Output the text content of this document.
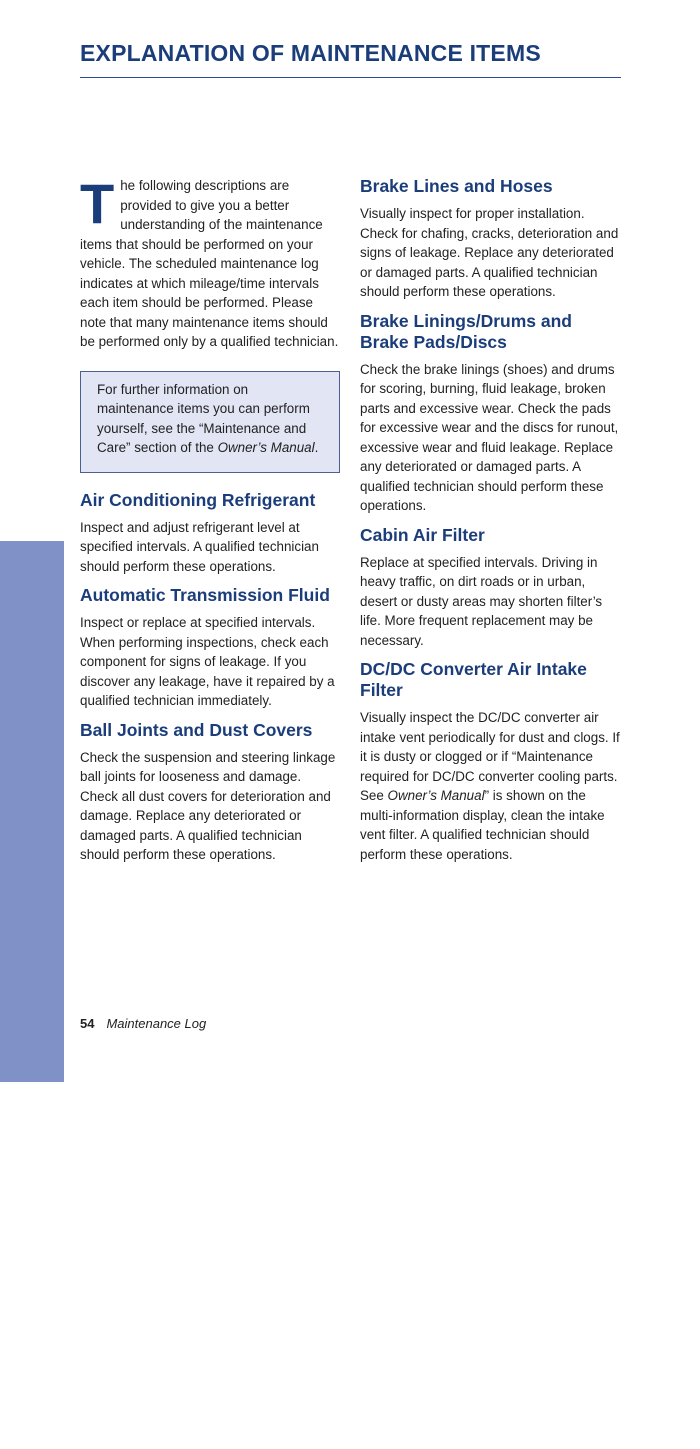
EXPLANATION OF MAINTENANCE ITEMS
MAINTENANCE

The following descriptions are provided to give you a better understanding of the maintenance items that should be performed on your vehicle. The scheduled maintenance log indicates at which mileage/time intervals each item should be performed. Please note that many maintenance items should be performed only by a qualified technician.

For further information on maintenance items you can perform yourself, see the “Maintenance and Care” section of the Owner’s Manual.

Air Conditioning Refrigerant

Inspect and adjust refrigerant level at specified intervals. A qualified technician should perform these operations.

Automatic Transmission Fluid

Inspect or replace at specified intervals. When performing inspections, check each component for signs of leakage. If you discover any leakage, have it repaired by a qualified technician immediately.

Ball Joints and Dust Covers

Check the suspension and steering linkage ball joints for looseness and damage. Check all dust covers for deterioration and damage. Replace any deteriorated or damaged parts. A qualified technician should perform these operations.

Brake Lines and Hoses

Visually inspect for proper installation. Check for chafing, cracks, deterioration and signs of leakage. Replace any deteriorated or damaged parts. A qualified technician should perform these operations.

Brake Linings/Drums and
Brake Pads/Discs

Check the brake linings (shoes) and drums for scoring, burning, fluid leakage, broken parts and excessive wear. Check the pads for excessive wear and the discs for runout, excessive wear and fluid leakage. Replace any deteriorated or damaged parts. A qualified technician should perform these operations.

Cabin Air Filter

Replace at specified intervals. Driving in heavy traffic, on dirt roads or in urban, desert or dusty areas may shorten filter’s life. More frequent replacement may be necessary.

DC/DC Converter Air Intake Filter

Visually inspect the DC/DC converter air intake vent periodically for dust and clogs. If it is dusty or clogged or if “Maintenance required for DC/DC converter cooling parts. See Owner’s Manual” is shown on the multi-information display, clean the intake vent filter. A qualified technician should perform these operations.

54 Maintenance Log
